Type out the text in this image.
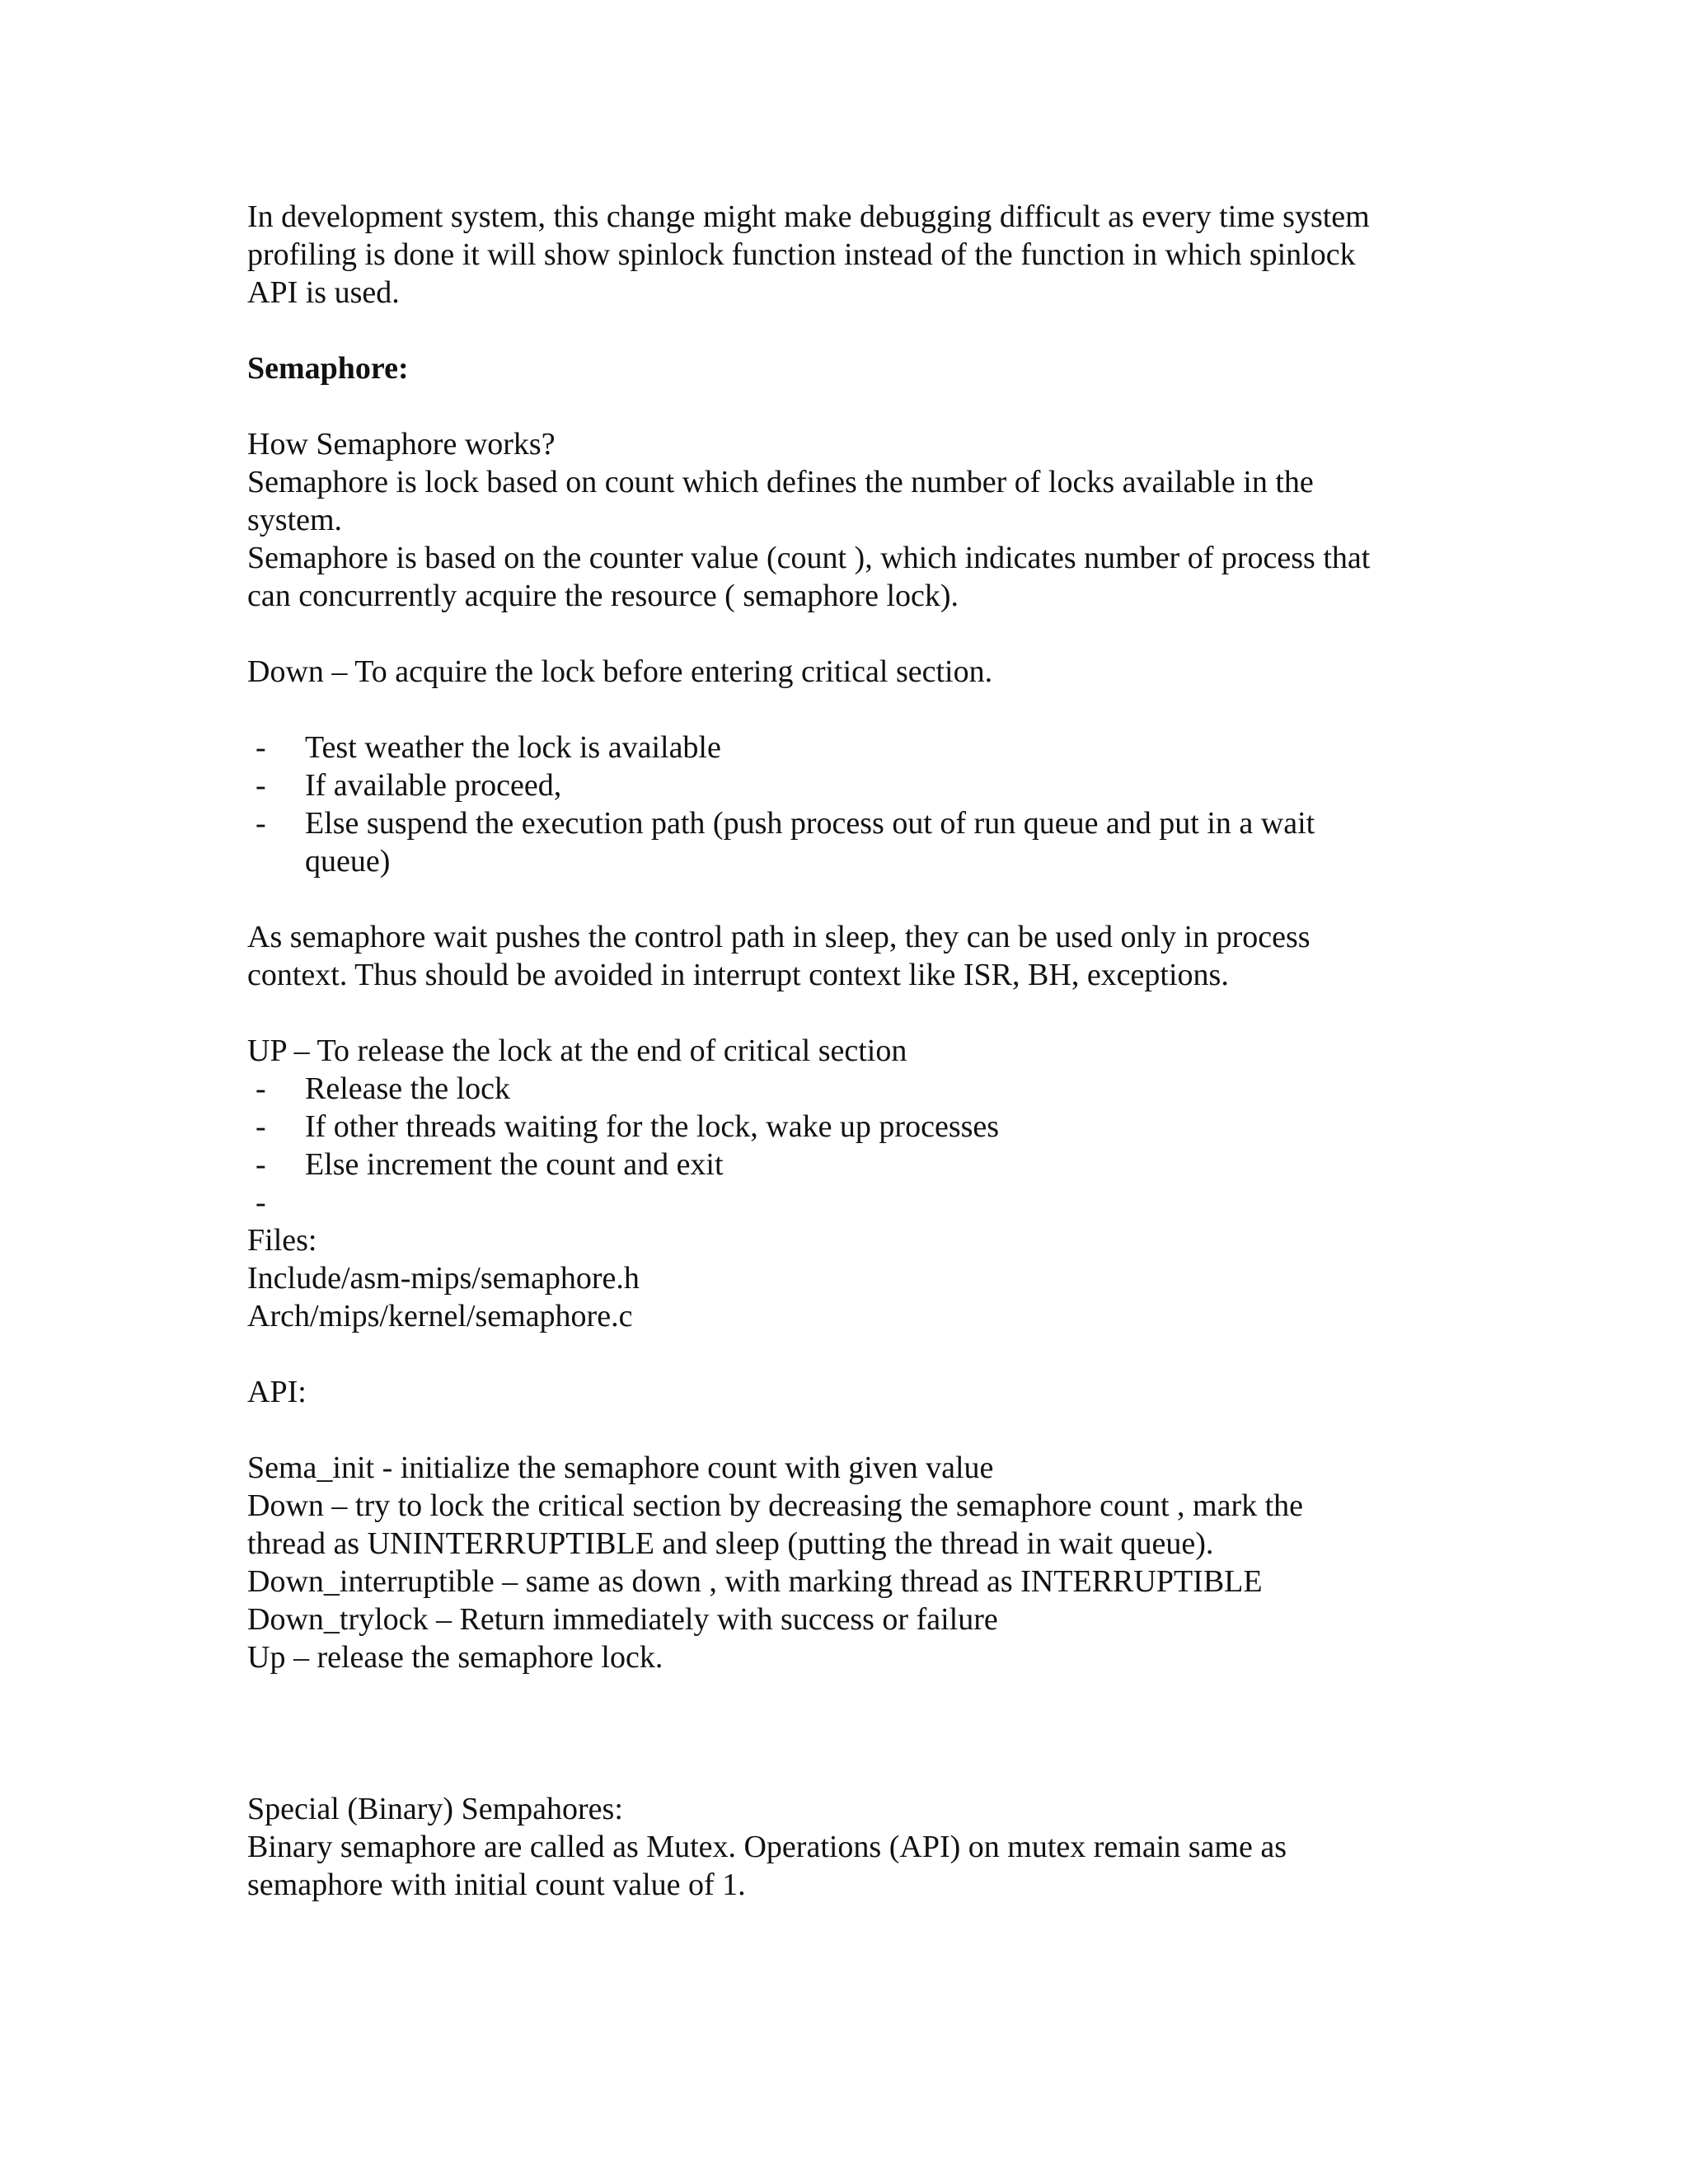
In development system, this change might make debugging difficult as every time system
profiling is done it will show spinlock function instead of the function in which spinlock
API is used.

Semaphore:

How Semaphore works?
Semaphore is lock based on count which defines the number of locks available in the
system.
Semaphore is based on the counter value (count ), which indicates number of process that
can concurrently acquire the resource ( semaphore lock).

Down – To acquire the lock before entering critical section.

- Test weather the lock is available
- If available proceed,
- Else suspend the execution path (push process out of run queue and put in a wait
queue)

As semaphore wait pushes the control path in sleep, they can be used only in process
context. Thus should be avoided in interrupt context like ISR, BH, exceptions.

UP – To release the lock at the end of critical section

- Release the lock
- If other threads waiting for the lock, wake up processes
- Else increment the count and exit
-

Files:
Include/asm-mips/semaphore.h
Arch/mips/kernel/semaphore.c

API:

Sema_init - initialize the semaphore count with given value
Down – try to lock the critical section by decreasing the semaphore count , mark the
thread as UNINTERRUPTIBLE and sleep (putting the thread in wait queue).
Down_interruptible – same as down , with marking thread as INTERRUPTIBLE
Down_trylock – Return immediately with success or failure
Up – release the semaphore lock.

Special (Binary) Sempahores:
Binary semaphore are called as Mutex. Operations (API) on mutex remain same as
semaphore with initial count value of 1.
